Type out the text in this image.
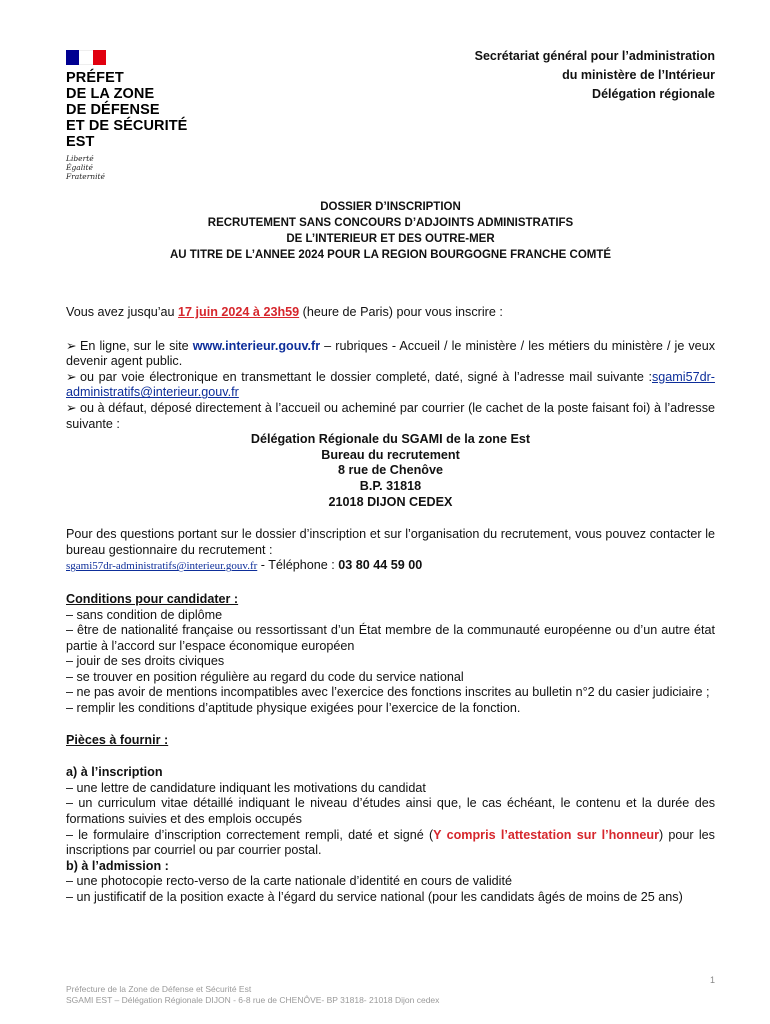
PRÉFET
DE LA ZONE
DE DÉFENSE
ET DE SÉCURITÉ
EST
Liberté
Égalité
Fraternité
Secrétariat général pour l’administration
du ministère de l’Intérieur
Délégation régionale
DOSSIER D’INSCRIPTION
RECRUTEMENT SANS CONCOURS D’ADJOINTS ADMINISTRATIFS
DE L’INTERIEUR ET DES OUTRE-MER
AU TITRE DE L’ANNEE 2024 POUR LA REGION BOURGOGNE FRANCHE COMTÉ

Vous avez jusqu’au 17 juin 2024 à 23h59 (heure de Paris) pour vous inscrire :

➢ En ligne, sur le site www.interieur.gouv.fr – rubriques - Accueil / le ministère / les métiers du ministère / je veux devenir agent public.

➢ ou par voie électronique en transmettant le dossier completé, daté, signé à l’adresse mail suivante :sgami57dr-administratifs@interieur.gouv.fr

➢ ou à défaut, déposé directement à l’accueil ou acheminé par courrier (le cachet de la poste faisant foi) à l’adresse suivante :

Délégation Régionale du SGAMI de la zone Est
Bureau du recrutement
8 rue de Chenôve
B.P. 31818
21018 DIJON CEDEX

Pour des questions portant sur le dossier d’inscription et sur l’organisation du recrutement, vous pouvez contacter le bureau gestionnaire du recrutement :
sgami57dr-administratifs@interieur.gouv.fr - Téléphone : 03 80 44 59 00

Conditions pour candidater :

– sans condition de diplôme
– être de nationalité française ou ressortissant d’un État membre de la communauté européenne ou d’un autre état partie à l’accord sur l’espace économique européen
– jouir de ses droits civiques
– se trouver en position régulière au regard du code du service national
– ne pas avoir de mentions incompatibles avec l’exercice des fonctions inscrites au bulletin n°2 du casier judiciaire ;
– remplir les conditions d’aptitude physique exigées pour l’exercice de la fonction.

Pièces à fournir :

a) à l’inscription

– une lettre de candidature indiquant les motivations du candidat
– un curriculum vitae détaillé indiquant le niveau d’études ainsi que, le cas échéant, le contenu et la durée des formations suivies et des emplois occupés
– le formulaire d’inscription correctement rempli, daté et signé (Y compris l’attestation sur l’honneur) pour les inscriptions par courriel ou par courrier postal.

b) à l’admission :

– une photocopie recto-verso de la carte nationale d’identité en cours de validité
– un justificatif de la position exacte à l’égard du service national (pour les candidats âgés de moins de 25 ans)
1
Préfecture de la Zone de Défense et Sécurité Est
SGAMI EST – Délégation Régionale DIJON - 6-8 rue de CHENÔVE- BP 31818- 21018 Dijon cedex
